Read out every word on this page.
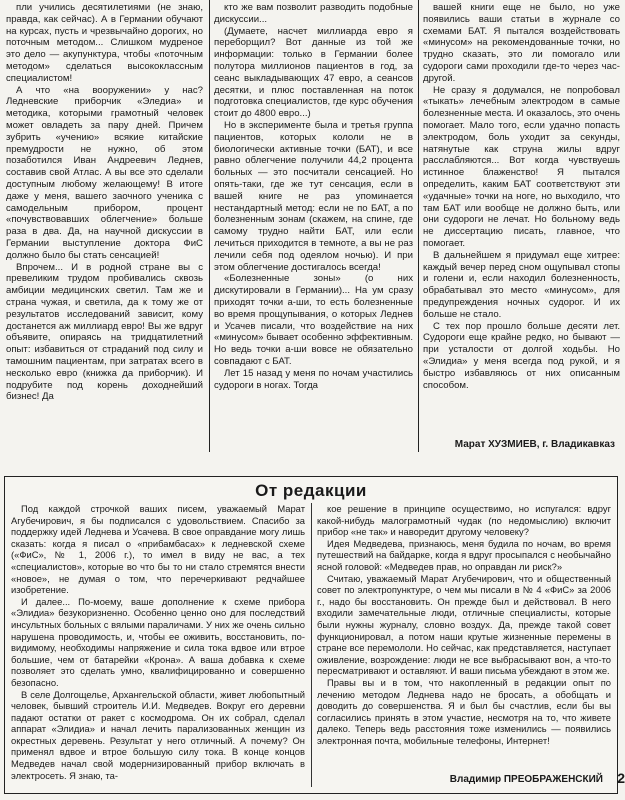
пли учились десятилетиями (не знаю, правда, как сейчас). А в Германии обучают на курсах, пусть и чрезвычайно дорогих, но поточным методом... Слишком мудреное это дело — акупунктура, чтобы «поточным методом» сделаться высококлассным специалистом!

А что «на вооружении» у нас? Ледневские приборчик «Эледиа» и методика, которыми грамотный человек может овладеть за пару дней. Причем зубрить «учению» всякие китайские премудрости не нужно, об этом позаботился Иван Андреевич Леднев, составив свой Атлас. А вы все это сделали доступным любому желающему! В итоге даже у меня, вашего заочного ученика с самодельным прибором, процент «почувствовавших облегчение» больше раза в два. Да, на научной дискуссии в Германии выступление доктора ФиС должно было бы стать сенсацией!

Впрочем... И в родной стране вы с превеликим трудом пробивались сквозь амбиции медицинских светил. Там же и страна чужая, и светила, да к тому же от результатов исследований зависит, кому достанется аж миллиард евро! Вы же вдруг объявите, опираясь на тридцатилетний опыт: избавиться от страданий под силу и тамошним пациентам, при затратах всего в несколько евро (книжка да приборчик). И подрубите под корень доходнейший бизнес! Да

кто же вам позволит разводить подобные дискуссии...

(Думаете, насчет миллиарда евро я переборщил? Вот данные из той же информации: только в Германии более полутора миллионов пациентов в год, за сеанс выкладывающих 47 евро, а сеансов десятки, и плюс поставленная на поток подготовка специалистов, где курс обучения стоит до 4800 евро...)

Но в эксперименте была и третья группа пациентов, которых кололи не в биологически активные точки (БАТ), и все равно облегчение получили 44,2 процента больных — это посчитали сенсацией. Но опять-таки, где же тут сенсация, если в вашей книге не раз упоминается нестандартный метод: если не по БАТ, а по болезненным зонам (скажем, на спине, где самому трудно найти БАТ, или если лечиться приходится в темноте, а вы не раз лечили себя под одеялом ночью). И при этом облегчение достигалось всегда!

«Болезненные зоны» (о них дискутировали в Германии)... На ум сразу приходят точки а-ши, то есть болезненные во время прощупывания, о которых Леднев и Усачев писали, что воздействие на них «минусом» бывает особенно эффективным. Но ведь точки а-ши вовсе не обязательно совпадают с БАТ.

Лет 15 назад у меня по ночам участились судороги в ногах. Тогда

вашей книги еще не было, но уже появились ваши статьи в журнале со схемами БАТ. Я пытался воздействовать «минусом» на рекомендованные точки, но трудно сказать, это ли помогало или судороги сами проходили где-то через час-другой.

Не сразу я додумался, не попробовал «тыкать» лечебным электродом в самые болезненные места. И оказалось, это очень помогает. Мало того, если удачно попасть электродом, боль уходит за секунды, натянутые как струна жилы вдруг расслабляются... Вот когда чувствуешь истинное блаженство! Я пытался определить, каким БАТ соответствуют эти «удачные» точки на ноге, но выходило, что там БАТ или вообще не должно быть, или они судороги не лечат. Но больному ведь не диссертацию писать, главное, что помогает.

В дальнейшем я придумал еще хитрее: каждый вечер перед сном ощупывал стопы и голени и, если находил болезненность, обрабатывал это место «минусом», для предупреждения ночных судорог. И их больше не стало.

С тех пор прошло больше десяти лет. Судороги еще крайне редко, но бывают — при усталости от долгой ходьбы. Но «Элидиа» у меня всегда под рукой, и я быстро избавляюсь от них описанным способом.

Марат ХУЗМИЕВ, г. Владикавказ
От редакции

Под каждой строчкой ваших писем, уважаемый Марат Агубечирович, я бы подписался с удовольствием. Спасибо за поддержку идей Леднева и Усачева. В свое оправдание могу лишь сказать: когда я писал о «прибамбасах» к ледневской схеме («ФиС», № 1, 2006 г.), то имел в виду не вас, а тех «специалистов», которые во что бы то ни стало стремятся внести «новое», не думая о том, что перечеркивают редчайшее изобретение.

И далее... По-моему, ваше дополнение к схеме прибора «Элидиа» безукоризненно. Особенно ценно оно для последствий инсультных больных с вялыми параличами. У них же очень сильно нарушена проводимость, и, чтобы ее оживить, восстановить, по-видимому, необходимы напряжение и сила тока вдвое или втрое большие, чем от батарейки «Крона». А ваша добавка к схеме позволяет это сделать умно, квалифицированно и совершенно безопасно.

В селе Долгощелье, Архангельской области, живет любопытный человек, бывший строитель И.И. Медведев. Вокруг его деревни падают остатки от ракет с космодрома. Он их собрал, сделал аппарат «Элидиа» и начал лечить парализованных женщин из окрестных деревень. Результат у него отличный. А почему? Он применял вдвое и втрое большую силу тока. В конце концов Медведев начал свой модернизированный прибор включать в электросеть. Я знаю, та-

кое решение в принципе осуществимо, но испугался: вдруг какой-нибудь малограмотный чудак (по недомыслию) включит прибор «не так» и наворедит другому человеку?

Идея Медведева, признаюсь, меня будила по ночам, во время путешествий на байдарке, когда я вдруг просыпался с необычайно ясной головой: «Медведев прав, но оправдан ли риск?»

Считаю, уважаемый Марат Агубечирович, что и общественный совет по электропунктуре, о чем мы писали в № 4 «ФиС» за 2006 г., надо бы восстановить. Он прежде был и действовал. В него входили замечательные люди, отличные специалисты, которые были нужны журналу, словно воздух. Да, прежде такой совет функционировал, а потом наши крутые жизненные перемены в стране все перемололи. Но сейчас, как представляется, наступает оживление, возрождение: люди не все выбрасывают вон, а что-то пересматривают и оставляют. И ваши письма убеждают в этом же.

Правы вы и в том, что накопленный в редакции опыт по лечению методом Леднева надо не бросать, а обобщать и доводить до совершенства. Я и был бы счастлив, если бы вы согласились принять в этом участие, несмотря на то, что живете далеко. Теперь ведь расстояния тоже изменились — появились электронная почта, мобильные телефоны, Интернет!

Владимир ПРЕОБРАЖЕНСКИЙ 2
